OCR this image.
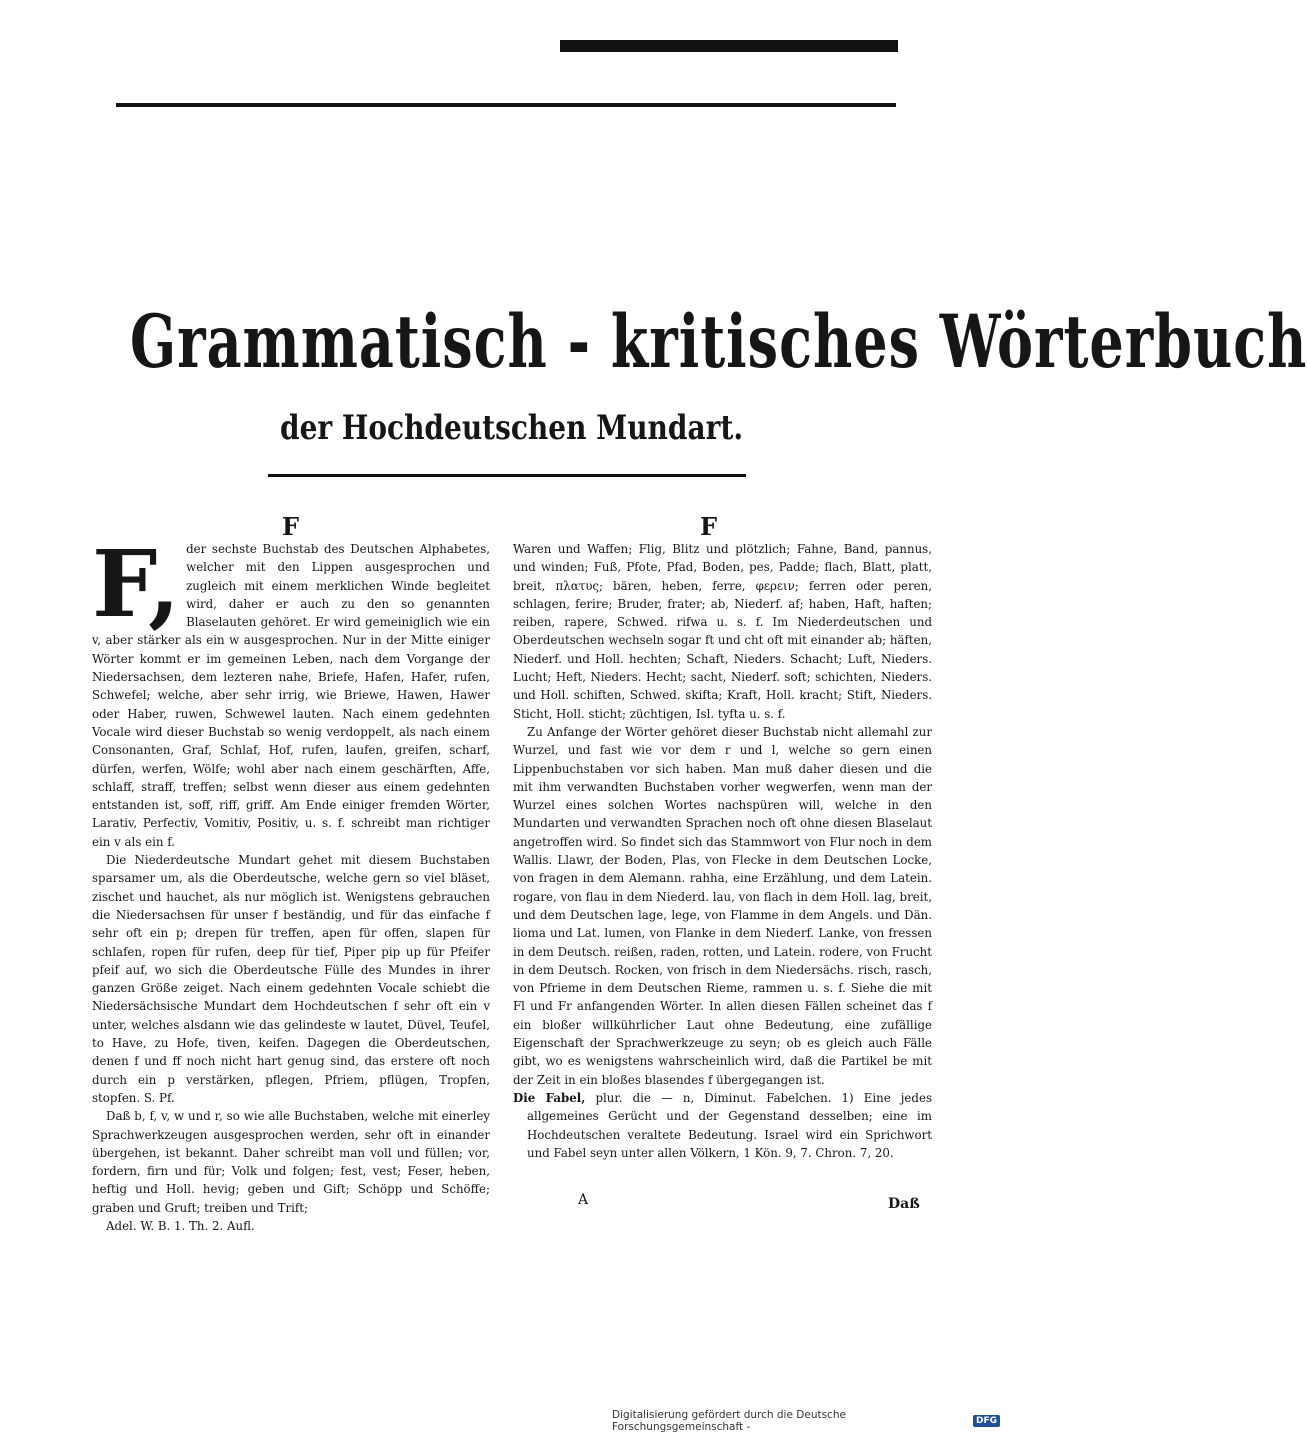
Grammatisch - kritisches Wörterbuch
der Hochdeutschen Mundart.
F	F

F, der sechste Buchstab des Deutschen Alphabetes, welcher mit den Lippen ausgesprochen und zugleich mit einem merklichen Winde begleitet wird, daher er auch zu den so genannten Blaselauten gehöret. Er wird gemeiniglich wie ein v, aber stärker als ein w ausgesprochen. Nur in der Mitte einiger Wörter kommt er im gemeinen Leben, nach dem Vorgange der Niedersachsen, dem lezteren nahe, Briefe, Hafen, Hafer, rufen, Schwefel; welche, aber sehr irrig, wie Briewe, Hawen, Hawer oder Haber, ruwen, Schwewel lauten. Nach einem gedehnten Vocale wird dieser Buchstab so wenig verdoppelt, als nach einem Consonanten, Graf, Schlaf, Hof, rufen, laufen, greifen, scharf, dürfen, werfen, Wölfe; wohl aber nach einem geschärften, Affe, schlaff, straff, treffen; selbst wenn dieser aus einem gedehnten entstanden ist, soff, riff, griff. Am Ende einiger fremden Wörter, Larativ, Perfectiv, Vomitiv, Positiv, u. s. f. schreibt man richtiger ein v als ein f.

Die Niederdeutsche Mundart gehet mit diesem Buchstaben sparsamer um, als die Oberdeutsche, welche gern so viel bläset, zischet und hauchet, als nur möglich ist. Wenigstens gebrauchen die Niedersachsen für unser f beständig, und für das einfache f sehr oft ein p; drepen für treffen, apen für offen, slapen für schlafen, ropen für rufen, deep für tief, Piper pip up für Pfeifer pfeif auf, wo sich die Oberdeutsche Fülle des Mundes in ihrer ganzen Größe zeiget. Nach einem gedehnten Vocale schiebt die Niedersächsische Mundart dem Hochdeutschen f sehr oft ein v unter, welches alsdann wie das gelindeste w lautet, Düvel, Teufel, to Have, zu Hofe, tiven, keifen. Dagegen die Oberdeutschen, denen f und ff noch nicht hart genug sind, das erstere oft noch durch ein p verstärken, pflegen, Pfriem, pflügen, Tropfen, stopfen. S. Pf.

Daß b, f, v, w und r, so wie alle Buchstaben, welche mit einerley Sprachwerkzeugen ausgesprochen werden, sehr oft in einander übergehen, ist bekannt. Daher schreibt man voll und füllen; vor, fordern, firn und für; Volk und folgen; fest, vest; Feser, heben, heftig und Holl. hevig; geben und Gift; Schöpp und Schöffe; graben und Gruft; treiben und Trift;

Adel. W. B. 1. Th. 2. Aufl.

Waren und Waffen; Flig, Blitz und plötzlich; Fahne, Band, pannus, und winden; Fuß, Pfote, Pfad, Boden, pes, Padde; flach, Blatt, platt, breit, πλατυς; bären, heben, ferre, φερειν; ferren oder peren, schlagen, ferire; Bruder, frater; ab, Niederf. af; haben, Haft, haften; reiben, rapere, Schwed. rifwa u. s. f. Im Niederdeutschen und Oberdeutschen wechseln sogar ft und cht oft mit einander ab; häften, Niederf. und Holl. hechten; Schaft, Nieders. Schacht; Luft, Nieders. Lucht; Heft, Nieders. Hecht; sacht, Niederf. soft; schichten, Nieders. und Holl. schiften, Schwed. skifta; Kraft, Holl. kracht; Stift, Nieders. Sticht, Holl. sticht; züchtigen, Isl. tyfta u. s. f.

Zu Anfange der Wörter gehöret dieser Buchstab nicht allemahl zur Wurzel, und fast wie vor dem r und l, welche so gern einen Lippenbuchstaben vor sich haben. Man muß daher diesen und die mit ihm verwandten Buchstaben vorher wegwerfen, wenn man der Wurzel eines solchen Wortes nachspüren will, welche in den Mundarten und verwandten Sprachen noch oft ohne diesen Blaselaut angetroffen wird. So findet sich das Stammwort von Flur noch in dem Wallis. Llawr, der Boden, Plas, von Flecke in dem Deutschen Locke, von fragen in dem Alemann. rahha, eine Erzählung, und dem Latein. rogare, von flau in dem Niederd. lau, von flach in dem Holl. lag, breit, und dem Deutschen lage, lege, von Flamme in dem Angels. und Dän. lioma und Lat. lumen, von Flanke in dem Niederf. Lanke, von fressen in dem Deutsch. reißen, raden, rotten, und Latein. rodere, von Frucht in dem Deutsch. Rocken, von frisch in dem Niedersächs. risch, rasch, von Pfrieme in dem Deutschen Rieme, rammen u. s. f. Siehe die mit Fl und Fr anfangenden Wörter. In allen diesen Fällen scheinet das f ein bloßer willkührlicher Laut ohne Bedeutung, eine zufällige Eigenschaft der Sprachwerkzeuge zu seyn; ob es gleich auch Fälle gibt, wo es wenigstens wahrscheinlich wird, daß die Partikel be mit der Zeit in ein bloßes blasendes f übergegangen ist.

Die Fabel, plur. die — n, Diminut. Fabelchen. 1) Eine jedes allgemeines Gerücht und der Gegenstand desselben; eine im Hochdeutschen veraltete Bedeutung. Israel wird ein Sprichwort und Fabel seyn unter allen Völkern, 1 Kön. 9, 7. Chron. 7, 20.

A	Daß
Digitalisierung gefördert durch die Deutsche Forschungsgemeinschaft -	DFG
